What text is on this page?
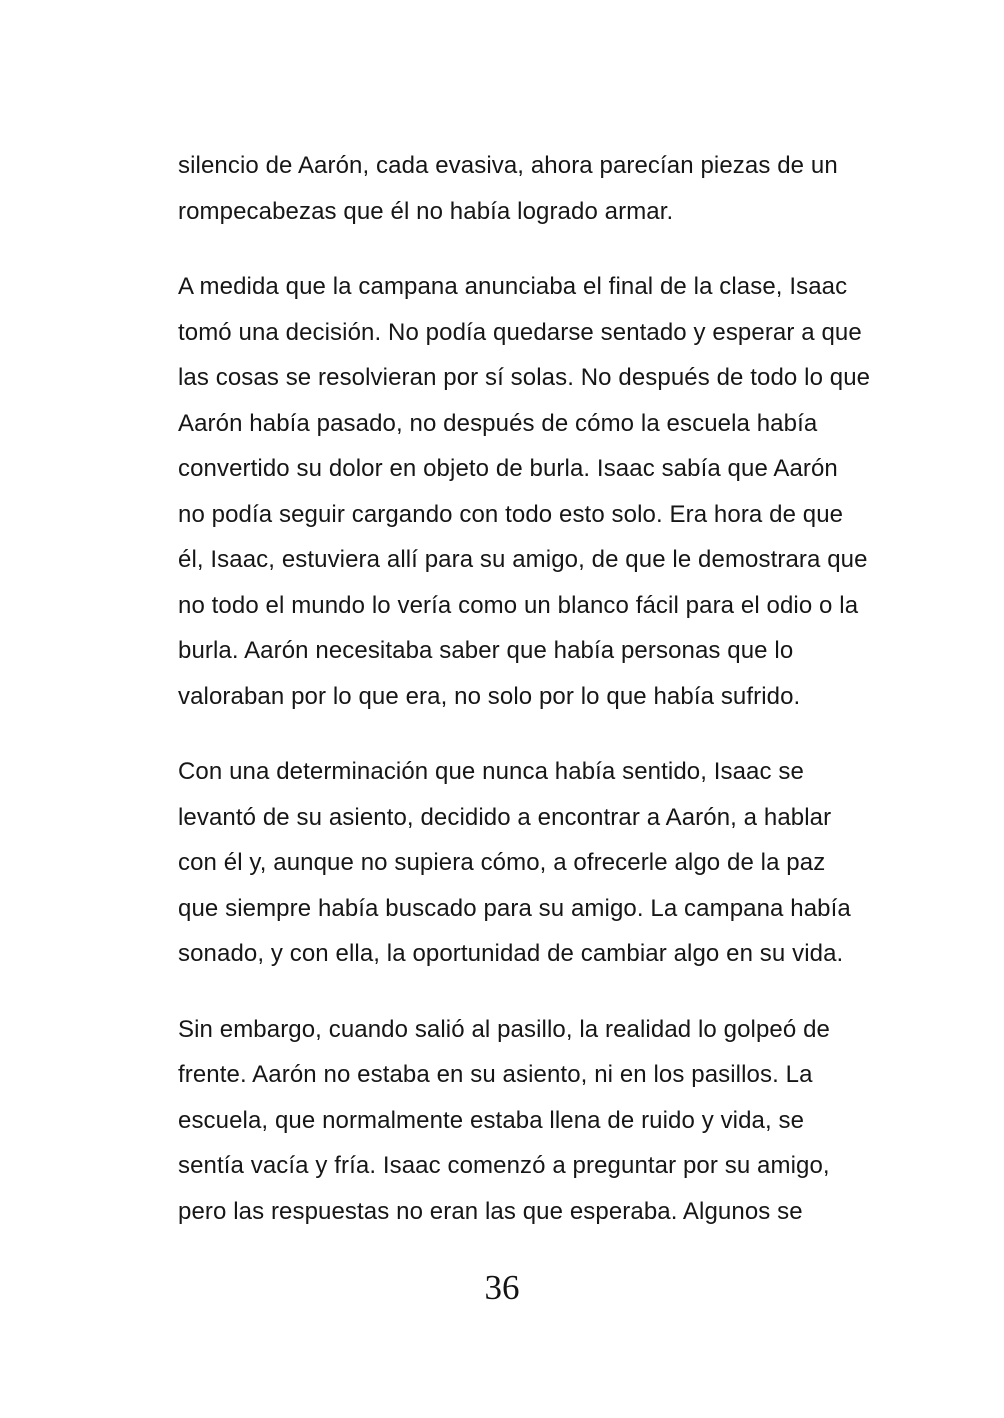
silencio de Aarón, cada evasiva, ahora parecían piezas de un
rompecabezas que él no había logrado armar.
A medida que la campana anunciaba el final de la clase, Isaac
tomó una decisión. No podía quedarse sentado y esperar a que
las cosas se resolvieran por sí solas. No después de todo lo que
Aarón había pasado, no después de cómo la escuela había
convertido su dolor en objeto de burla. Isaac sabía que Aarón
no podía seguir cargando con todo esto solo. Era hora de que
él, Isaac, estuviera allí para su amigo, de que le demostrara que
no todo el mundo lo vería como un blanco fácil para el odio o la
burla. Aarón necesitaba saber que había personas que lo
valoraban por lo que era, no solo por lo que había sufrido.
Con una determinación que nunca había sentido, Isaac se
levantó de su asiento, decidido a encontrar a Aarón, a hablar
con él y, aunque no supiera cómo, a ofrecerle algo de la paz
que siempre había buscado para su amigo. La campana había
sonado, y con ella, la oportunidad de cambiar algo en su vida.
Sin embargo, cuando salió al pasillo, la realidad lo golpeó de
frente. Aarón no estaba en su asiento, ni en los pasillos. La
escuela, que normalmente estaba llena de ruido y vida, se
sentía vacía y fría. Isaac comenzó a preguntar por su amigo,
pero las respuestas no eran las que esperaba. Algunos se
36
